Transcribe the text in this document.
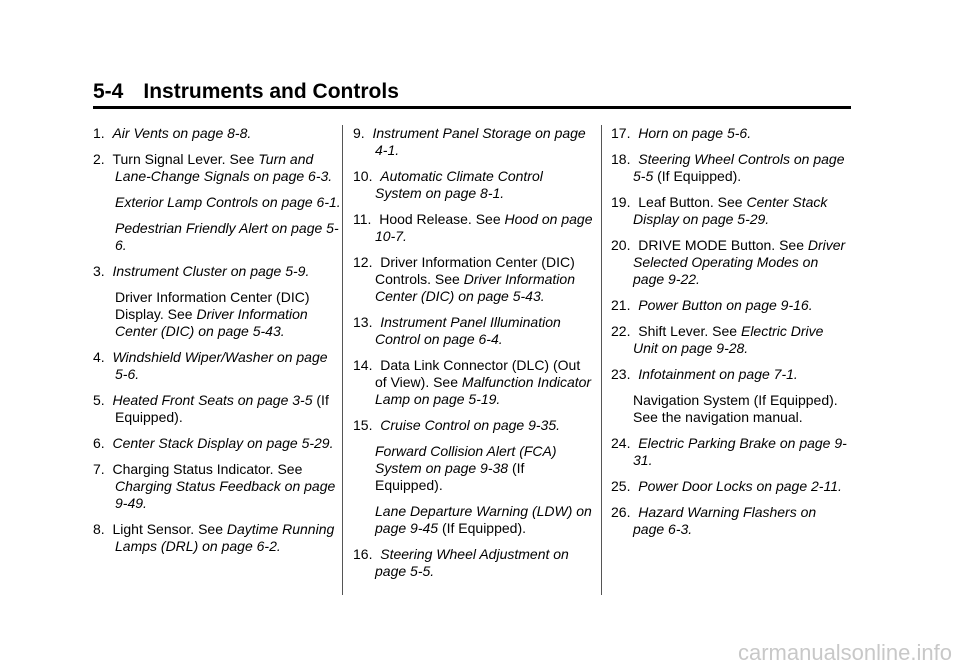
5-4 Instruments and Controls
1.  Air Vents on page 8-8.
2.  Turn Signal Lever. See Turn and Lane-Change Signals on page 6-3.
Exterior Lamp Controls on page 6-1.
Pedestrian Friendly Alert on page 5-6.
3.  Instrument Cluster on page 5-9.
Driver Information Center (DIC) Display. See Driver Information Center (DIC) on page 5-43.
4.  Windshield Wiper/Washer on page 5-6.
5.  Heated Front Seats on page 3-5 (If Equipped).
6.  Center Stack Display on page 5-29.
7.  Charging Status Indicator. See Charging Status Feedback on page 9-49.
8.  Light Sensor. See Daytime Running Lamps (DRL) on page 6-2.
9.  Instrument Panel Storage on page 4-1.
10.  Automatic Climate Control System on page 8-1.
11.  Hood Release. See Hood on page 10-7.
12.  Driver Information Center (DIC) Controls. See Driver Information Center (DIC) on page 5-43.
13.  Instrument Panel Illumination Control on page 6-4.
14.  Data Link Connector (DLC) (Out of View). See Malfunction Indicator Lamp on page 5-19.
15.  Cruise Control on page 9-35.
Forward Collision Alert (FCA) System on page 9-38 (If Equipped).
Lane Departure Warning (LDW) on page 9-45 (If Equipped).
16.  Steering Wheel Adjustment on page 5-5.
17.  Horn on page 5-6.
18.  Steering Wheel Controls on page 5-5 (If Equipped).
19.  Leaf Button. See Center Stack Display on page 5-29.
20.  DRIVE MODE Button. See Driver Selected Operating Modes on page 9-22.
21.  Power Button on page 9-16.
22.  Shift Lever. See Electric Drive Unit on page 9-28.
23.  Infotainment on page 7-1.
Navigation System (If Equipped). See the navigation manual.
24.  Electric Parking Brake on page 9-31.
25.  Power Door Locks on page 2-11.
26.  Hazard Warning Flashers on page 6-3.
carmanualsonline.info
